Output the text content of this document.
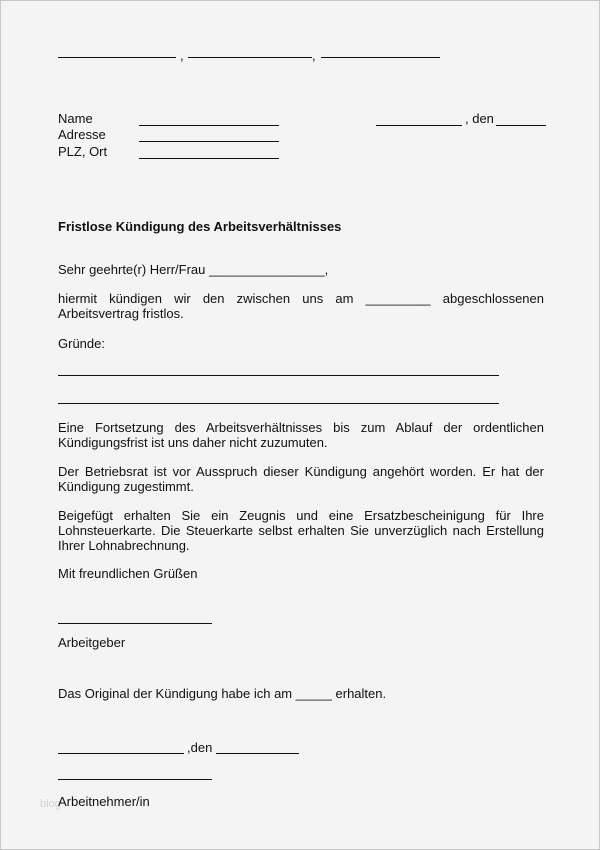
,	,
Name
Adresse
PLZ, Ort
, den
Fristlose Kündigung des Arbeitsverhältnisses
Sehr geehrte(r) Herr/Frau ________________,
hiermit kündigen wir den zwischen uns am _________ abgeschlossenen Arbeitsvertrag fristlos.
Gründe:
Eine Fortsetzung des Arbeitsverhältnisses bis zum Ablauf der ordentlichen Kündigungsfrist ist uns daher nicht zuzumuten.
Der Betriebsrat ist vor Ausspruch dieser Kündigung angehört worden. Er hat der Kündigung zugestimmt.
Beigefügt erhalten Sie ein Zeugnis und eine Ersatzbescheinigung für Ihre Lohnsteuerkarte. Die Steuerkarte selbst erhalten Sie unverzüglich nach Erstellung Ihrer Lohnabrechnung.
Mit freundlichen Grüßen
Arbeitgeber
Das Original der Kündigung habe ich am _____ erhalten.
,den
blog
Arbeitnehmer/in
